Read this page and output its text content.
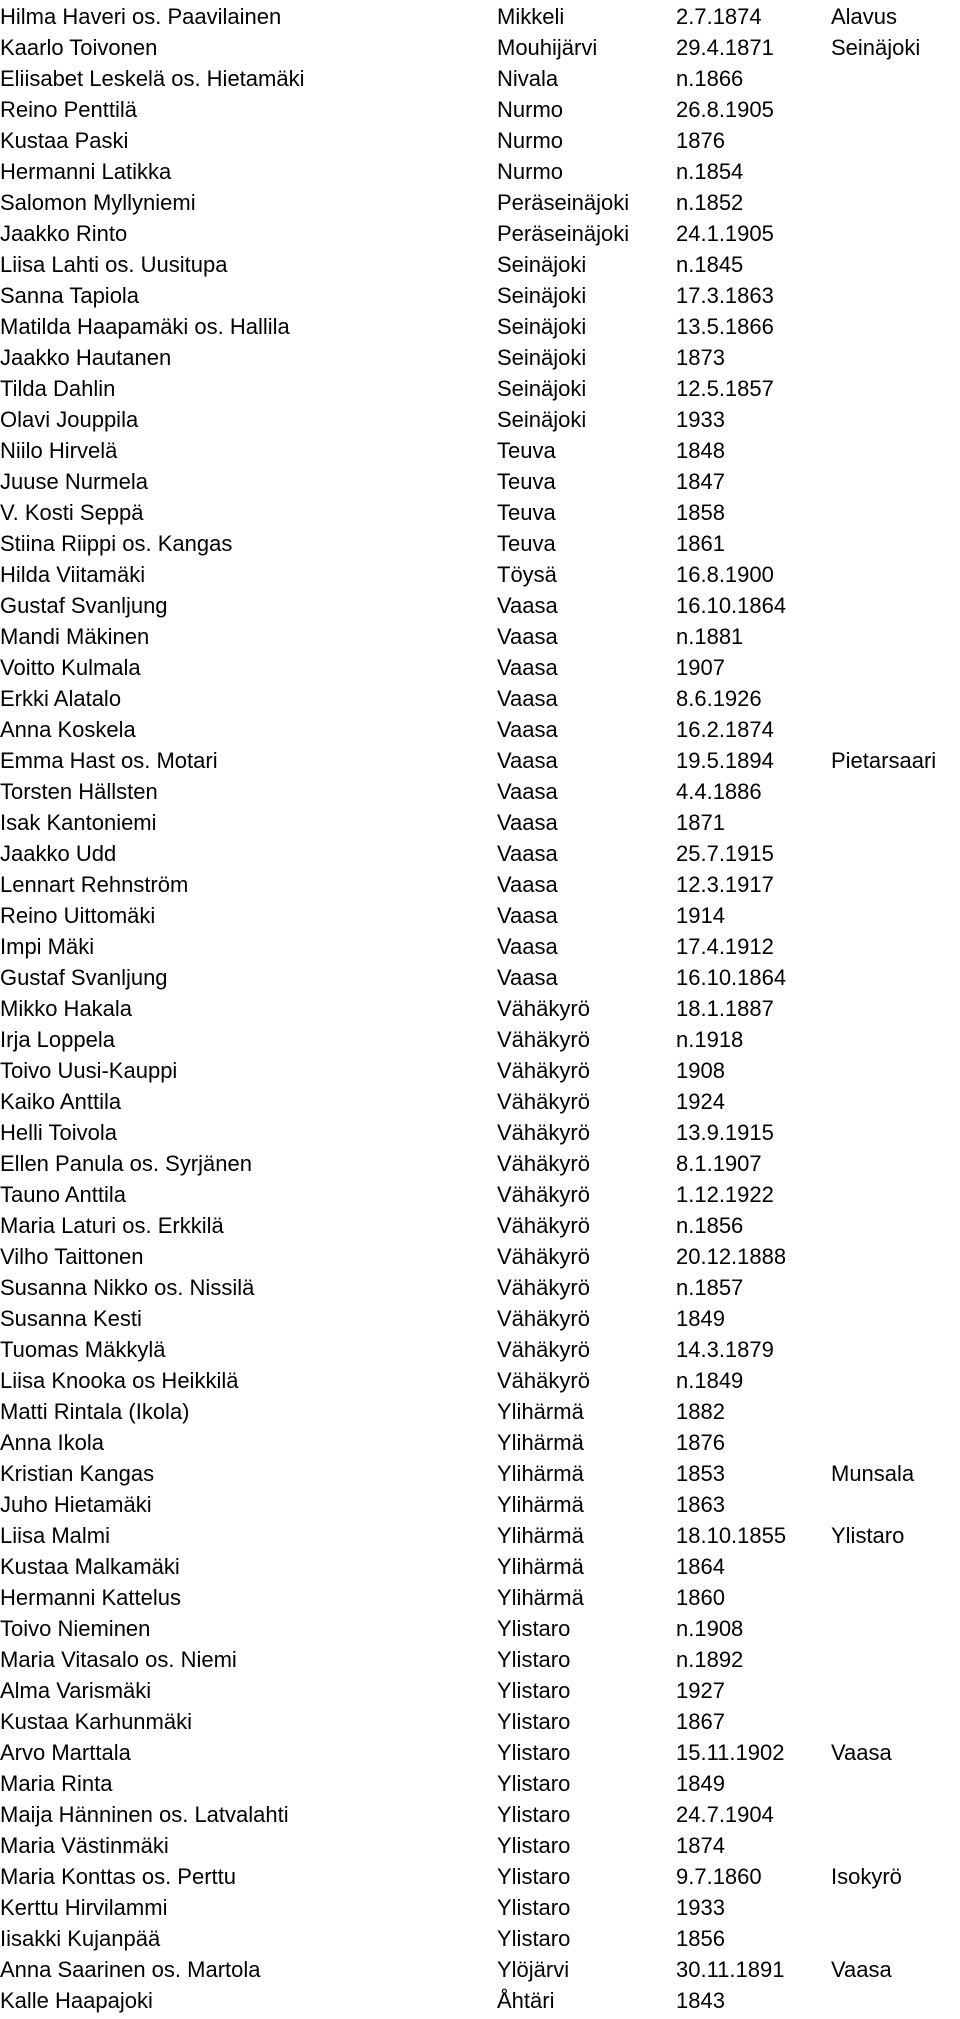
Hilma Haveri os. Paavilainen	Mikkeli	2.7.1874	Alavus
Kaarlo Toivonen	Mouhijärvi	29.4.1871	Seinäjoki
Eliisabet Leskelä os. Hietamäki	Nivala	n.1866
Reino Penttilä	Nurmo	26.8.1905
Kustaa Paski	Nurmo	1876
Hermanni Latikka	Nurmo	n.1854
Salomon Myllyniemi	Peräseinäjoki n.1852
Jaakko Rinto	Peräseinäjoki 24.1.1905
Liisa Lahti os. Uusitupa	Seinäjoki	n.1845
Sanna Tapiola	Seinäjoki	17.3.1863
Matilda Haapamäki os. Hallila	Seinäjoki	13.5.1866
Jaakko Hautanen	Seinäjoki	1873
Tilda Dahlin	Seinäjoki	12.5.1857
Olavi Jouppila	Seinäjoki	1933
Niilo Hirvelä	Teuva	1848
Juuse Nurmela	Teuva	1847
V. Kosti Seppä	Teuva	1858
Stiina Riippi os. Kangas	Teuva	1861
Hilda Viitamäki	Töysä	16.8.1900
Gustaf Svanljung	Vaasa	16.10.1864
Mandi Mäkinen	Vaasa	n.1881
Voitto Kulmala	Vaasa	1907
Erkki Alatalo	Vaasa	8.6.1926
Anna Koskela	Vaasa	16.2.1874
Emma Hast os. Motari	Vaasa	19.5.1894	Pietarsaari
Torsten Hällsten	Vaasa	4.4.1886
Isak Kantoniemi	Vaasa	1871
Jaakko Udd	Vaasa	25.7.1915
Lennart Rehnström	Vaasa	12.3.1917
Reino Uittomäki	Vaasa	1914
Impi Mäki	Vaasa	17.4.1912
Gustaf Svanljung	Vaasa	16.10.1864
Mikko Hakala	Vähäkyrö	18.1.1887
Irja Loppela	Vähäkyrö	n.1918
Toivo Uusi-Kauppi	Vähäkyrö	1908
Kaiko Anttila	Vähäkyrö	1924
Helli Toivola	Vähäkyrö	13.9.1915
Ellen Panula os. Syrjänen	Vähäkyrö	8.1.1907
Tauno Anttila	Vähäkyrö	1.12.1922
Maria Laturi os. Erkkilä	Vähäkyrö	n.1856
Vilho Taittonen	Vähäkyrö	20.12.1888
Susanna Nikko os. Nissilä	Vähäkyrö	n.1857
Susanna Kesti	Vähäkyrö	1849
Tuomas Mäkkylä	Vähäkyrö	14.3.1879
Liisa Knooka os Heikkilä	Vähäkyrö	n.1849
Matti Rintala (Ikola)	Ylihärmä	1882
Anna Ikola	Ylihärmä	1876
Kristian Kangas	Ylihärmä	1853	Munsala
Juho Hietamäki	Ylihärmä	1863
Liisa Malmi	Ylihärmä	18.10.1855 Ylistaro
Kustaa Malkamäki	Ylihärmä	1864
Hermanni Kattelus	Ylihärmä	1860
Toivo Nieminen	Ylistaro	n.1908
Maria Vitasalo os. Niemi	Ylistaro	n.1892
Alma Varismäki	Ylistaro	1927
Kustaa Karhunmäki	Ylistaro	1867
Arvo Marttala	Ylistaro	15.11.1902 Vaasa
Maria Rinta	Ylistaro	1849
Maija Hänninen os. Latvalahti	Ylistaro	24.7.1904
Maria Västinmäki	Ylistaro	1874
Maria Konttas os. Perttu	Ylistaro	9.7.1860	Isokyrö
Kerttu Hirvilammi	Ylistaro	1933
Iisakki Kujanpää	Ylistaro	1856
Anna Saarinen os. Martola	Ylöjärvi	30.11.1891 Vaasa
Kalle Haapajoki	Åhtäri	1843
